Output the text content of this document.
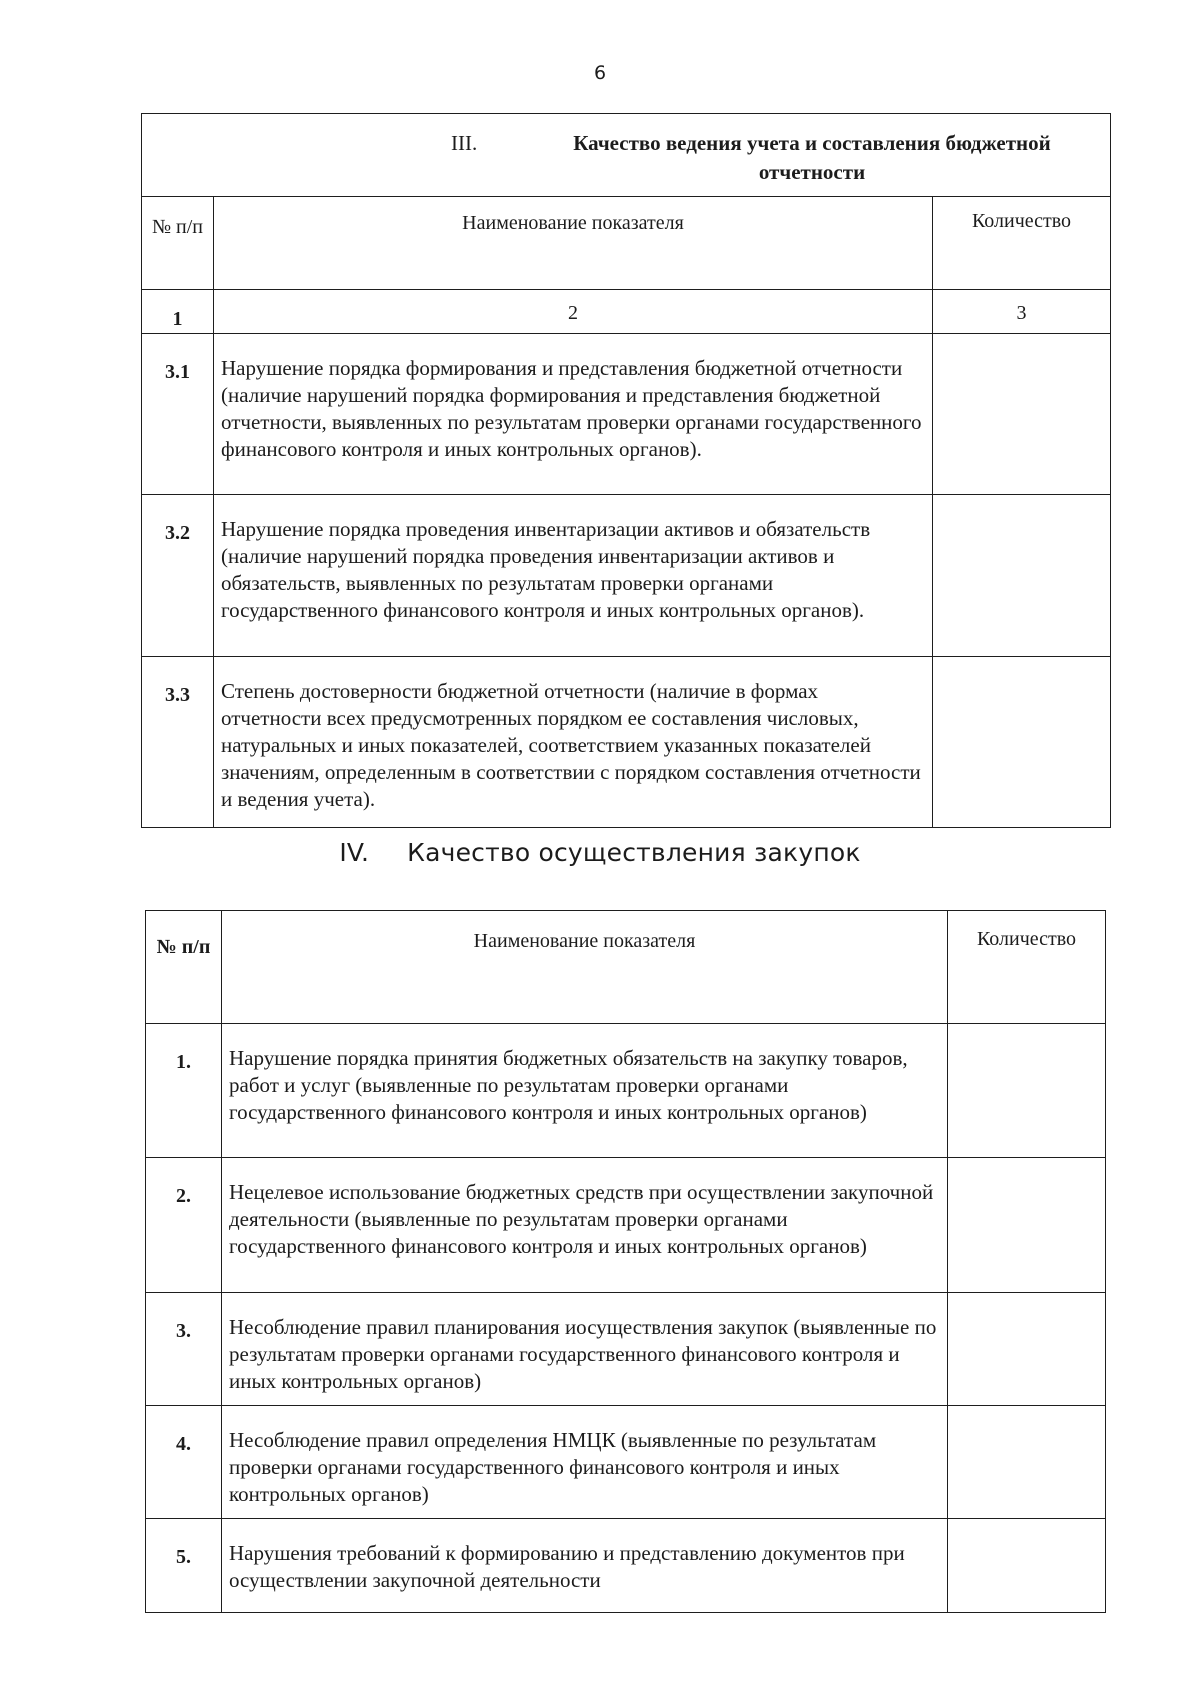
6
III. Качество ведения учета и составления бюджетной отчетности		

№ п/п	Наименование показателя	Количество
1	2	3
3.1	Нарушение порядка формирования и представления бюджетной отчетности (наличие нарушений порядка формирования и представления бюджетной отчетности, выявленных по результатам проверки органами государственного финансового контроля и иных контрольных органов).	
3.2	Нарушение порядка проведения инвентаризации активов и обязательств (наличие нарушений порядка проведения инвентаризации активов и обязательств, выявленных по результатам проверки органами государственного финансового контроля и иных контрольных органов).	
3.3	Степень достоверности бюджетной отчетности (наличие в формах отчетности всех предусмотренных порядком ее составления числовых, натуральных и иных показателей, соответствием указанных показателей значениям, определенным в соответствии с порядком составления отчетности и ведения учета).	
IV. Качество осуществления закупок
№ п/п	Наименование показателя	Количество
1.	Нарушение порядка принятия бюджетных обязательств на закупку товаров, работ и услуг (выявленные по результатам проверки органами государственного финансового контроля и иных контрольных органов)	
2.	Нецелевое использование бюджетных средств при осуществлении закупочной деятельности (выявленные по результатам проверки органами государственного финансового контроля и иных контрольных органов)	
3.	Несоблюдение правил планирования иосуществления закупок (выявленные по результатам проверки органами государственного финансового контроля и иных контрольных органов)	
4.	Несоблюдение правил определения НМЦК (выявленные по результатам проверки органами государственного финансового контроля и иных контрольных органов)	
5.	Нарушения требований к формированию и представлению документов при осуществлении закупочной деятельности	
